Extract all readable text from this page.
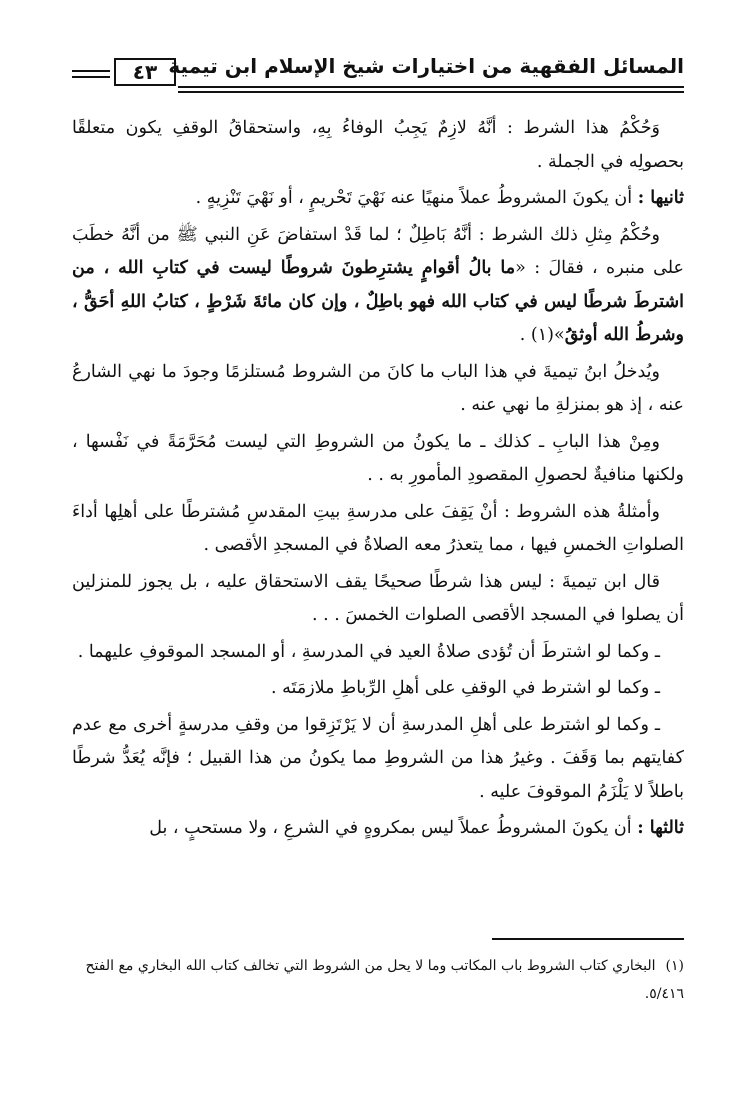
٤٣ المسائل الفقهية من اختيارات شيخ الإسلام ابن تيمية

وَحُكْمُ هذا الشرط : أنَّهُ لازِمٌ يَجِبُ الوفاءُ بِهِ، واستحقاقُ الوقفِ يكون متعلقًا بحصولِه في الجملة .

ثانيها : أن يكونَ المشروطُ عملاً منهيًا عنه نَهْيَ تَحْريمٍ ، أو نَهْيَ تَنْزِيهٍ .

وحُكْمُ مِثلِ ذلك الشرط : أنَّهُ بَاطِلٌ ؛ لما قَدْ استفاضَ عَنِ النبي ﷺ من أنَّهُ خطَبَ على منبره ، فقالَ : «ما بالُ أقوامٍ يشترِطونَ شروطًا ليست في كتابِ الله ، من اشترطَ شرطًا ليس في كتاب الله فهو باطِلٌ ، وإن كان مائةَ شَرْطٍ ، كتابُ اللهِ أحَقُّ ، وشرطُ الله أوثقُ»(١) .

ويُدخلُ ابنُ تيميةَ في هذا الباب ما كانَ من الشروط مُستلزمًا وجودَ ما نهي الشارعُ عنه ، إذ هو بمنزلةِ ما نهي عنه .

ومِنْ هذا البابِ ـ كذلك ـ ما يكونُ من الشروطِ التي ليست مُحَرَّمَةً في نَفْسها ، ولكنها منافيةٌ لحصولِ المقصودِ المأمورِ به . .

وأمثلةُ هذه الشروط : أنْ يَقِفَ على مدرسةِ بيتِ المقدسِ مُشترطًا على أهلِها أداءَ الصلواتِ الخمسِ فيها ، مما يتعذرُ معه الصلاةُ في المسجدِ الأقصى .

قال ابن تيميةَ : ليس هذا شرطًا صحيحًا يقف الاستحقاق عليه ، بل يجوز للمنزلين أن يصلوا في المسجد الأقصى الصلوات الخمسَ . . .

ـ وكما لو اشترطَ أن تُؤدى صلاةُ العيد في المدرسةِ ، أو المسجد الموقوفِ عليهما .

ـ وكما لو اشترط في الوقفِ على أهلِ الرِّباطِ ملازمَتَه .

ـ وكما لو اشترط على أهلِ المدرسةِ أن لا يَرْتَزِقوا من وقفِ مدرسةٍ أخرى مع عدم كفايتهم بما وَقَفَ . وغيرُ هذا من الشروطِ مما يكونُ من هذا القبيل ؛ فإنَّه يُعَدُّ شرطًا باطلاً لا يَلْزَمُ الموقوفَ عليه .

ثالثها : أن يكونَ المشروطُ عملاً ليس بمكروهٍ في الشرعِ ، ولا مستحبٍ ، بل

(١)البخاري كتاب الشروط باب المكاتب وما لا يحل من الشروط التي تخالف كتاب الله البخاري مع الفتح ٥/٤١٦.
